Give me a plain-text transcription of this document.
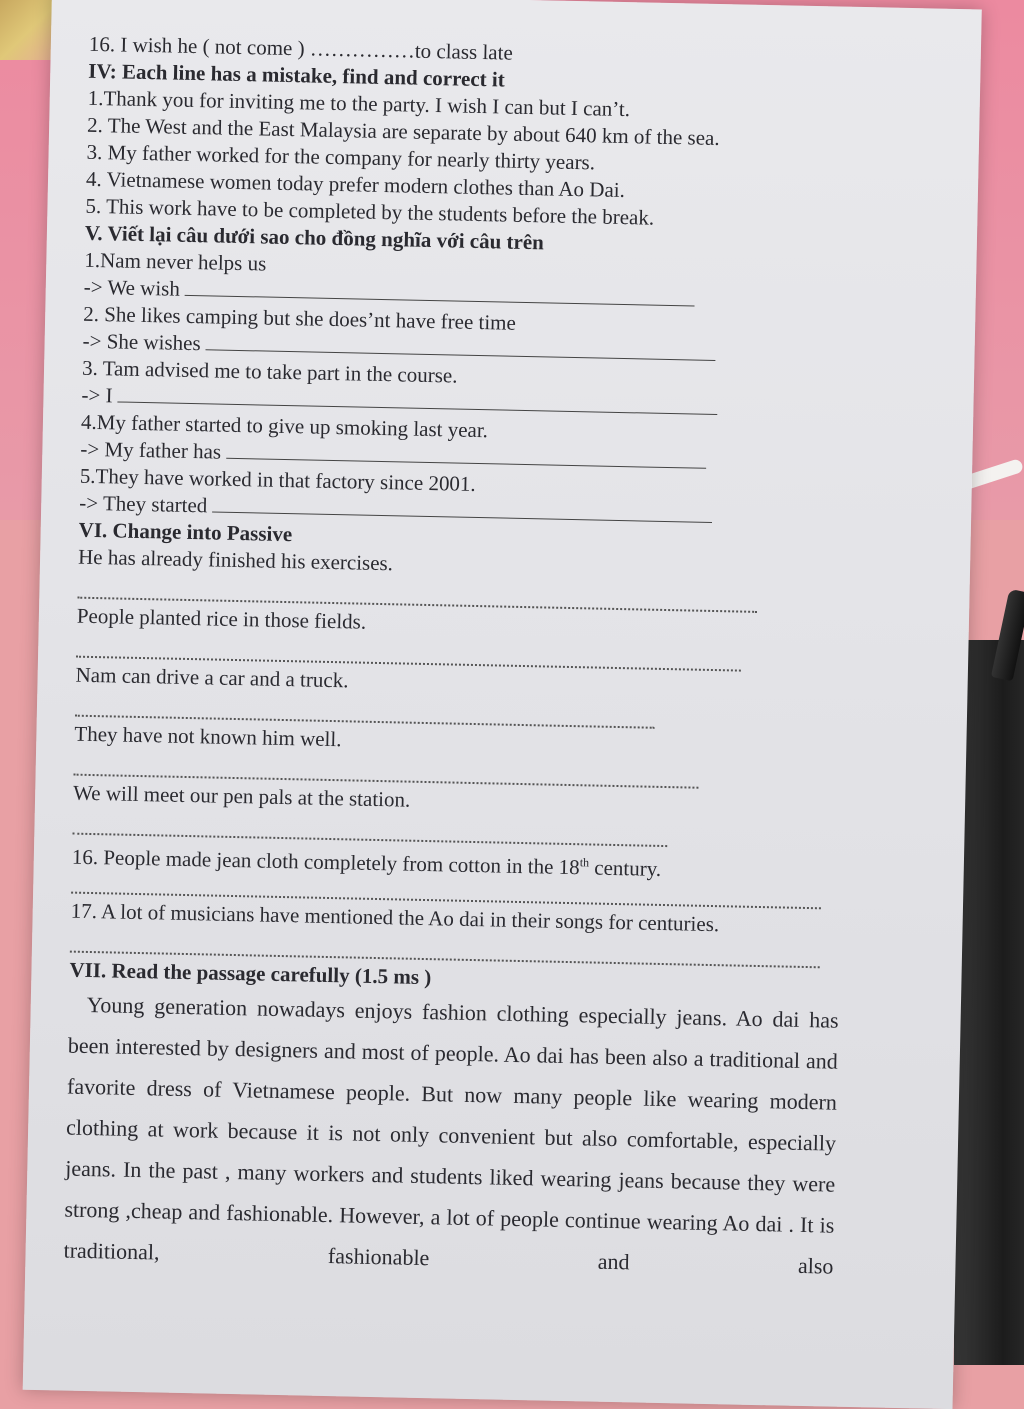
16. I wish he ( not come ) ……………to class late
IV: Each line has a mistake, find and correct it
1.Thank you for inviting me to the party. I wish I can but I can’t.
2. The West and the East Malaysia are separate by about 640 km of the sea.
3. My father worked for the company for nearly thirty years.
4. Vietnamese women today prefer modern clothes than Ao Dai.
5. This work have to be completed by the students before the break.
V. Viết lại câu dưới sao cho đồng nghĩa với câu trên
1.Nam never helps us
-> We wish
2. She likes camping but she does’nt have free time
-> She wishes
3. Tam advised me to take part in the course.
-> I
4.My father started to give up smoking last year.
-> My father has
5.They have worked in that factory since 2001.
-> They started
VI. Change into Passive
He has already finished his exercises.
People planted rice in those fields.
Nam can drive a car and a truck.
They have not known him well.
We will meet our pen pals at the station.
16. People made jean cloth completely from cotton in the 18th century.
17. A lot of musicians have mentioned the Ao dai in their songs for centuries.
VII. Read the passage carefully (1.5 ms )
Young generation nowadays enjoys fashion clothing especially jeans. Ao dai has been interested by designers and most of people. Ao dai has been also a traditional and favorite dress of Vietnamese people. But now many people like wearing modern clothing at work because it is not only convenient but also comfortable, especially jeans. In the past , many workers and students liked wearing jeans because they were strong ,cheap and fashionable. However, a lot of people continue wearing Ao dai . It is traditional, fashionable and also
